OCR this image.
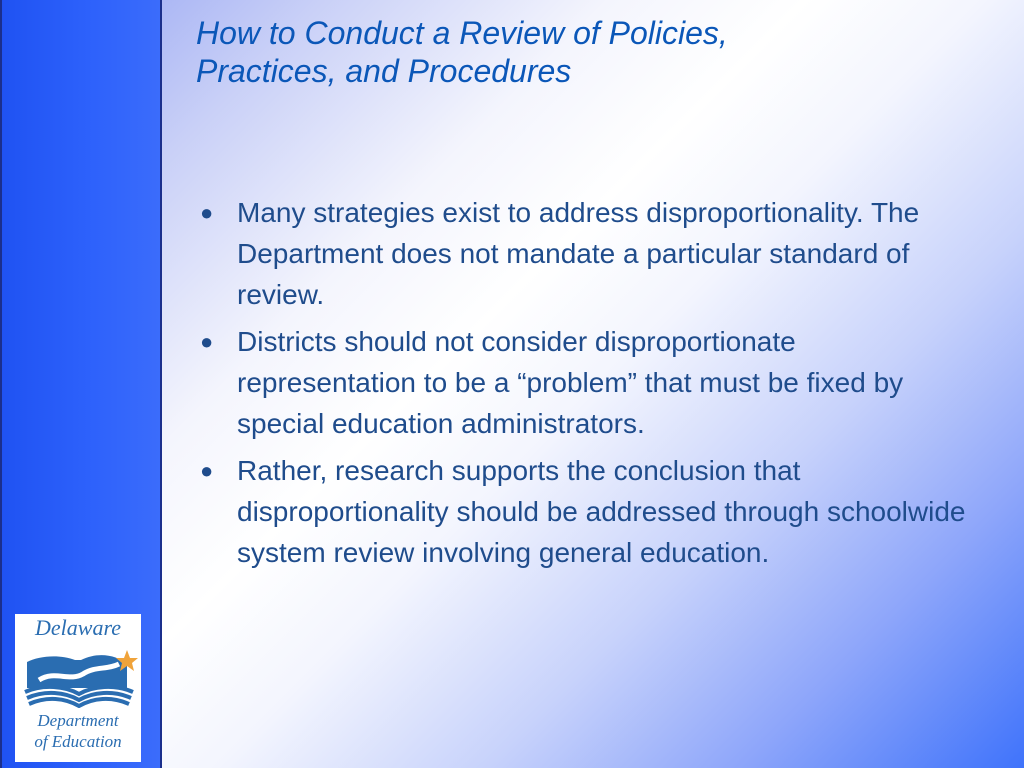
How to Conduct a Review of Policies,
Practices, and Procedures
● Many strategies exist to address disproportionality. The Department does not mandate a particular standard of review.
● Districts should not consider disproportionate representation to be a “problem” that must be fixed by special education administrators.
● Rather, research supports the conclusion that disproportionality should be addressed through schoolwide system review involving general education.
Delaware
Department
of Education
